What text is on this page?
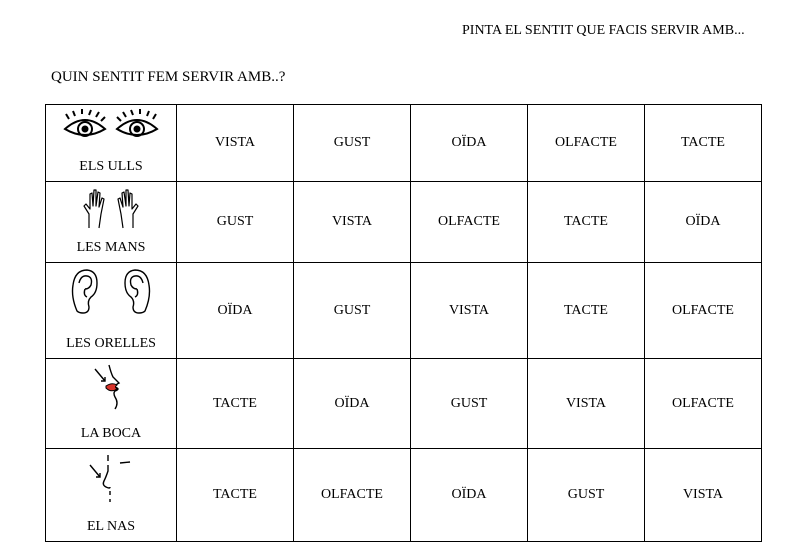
PINTA EL SENTIT QUE FACIS SERVIR AMB...
QUIN SENTIT FEM SERVIR AMB..?
ELS ULLS	VISTA	GUST	OÏDA	OLFACTE	TACTE

LES MANS	GUST	VISTA	OLFACTE	TACTE	OÏDA

LES ORELLES	OÏDA	GUST	VISTA	TACTE	OLFACTE

LA BOCA	TACTE	OÏDA	GUST	VISTA	OLFACTE

EL NAS	TACTE	OLFACTE	OÏDA	GUST	VISTA
